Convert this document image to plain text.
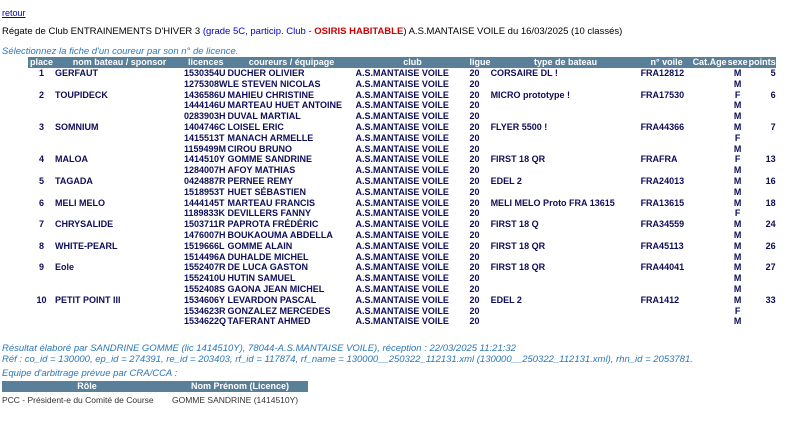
retour
Régate de Club ENTRAINEMENTS D'HIVER 3 (grade 5C, particip. Club - OSIRIS HABITABLE) A.S.MANTAISE VOILE du 16/03/2025 (10 classés)
Sélectionnez la fiche d'un coureur par son n° de licence.
place	nom bateau / sponsor	licences	coureurs / équipage	club	ligue	type de bateau	n° voile	Cat.Age	sexe	points
1	GERFAUT	1530354U	DUCHER OLIVIER	A.S.MANTAISE VOILE	20	CORSAIRE DL !	FRA12812		M	5
		1275308W	LE STEVEN NICOLAS	A.S.MANTAISE VOILE	20				M	
2	TOUPIDECK	1436586U	MAHIEU CHRISTINE	A.S.MANTAISE VOILE	20	MICRO prototype !	FRA17530		F	6
		1444146U	MARTEAU HUET ANTOINE	A.S.MANTAISE VOILE	20				M	
		0283903H	DUVAL MARTIAL	A.S.MANTAISE VOILE	20				M	
3	SOMNIUM	1404746C	LOISEL ERIC	A.S.MANTAISE VOILE	20	FLYER 5500 !	FRA44366		M	7
		1415513T	MANACH ARMELLE	A.S.MANTAISE VOILE	20				F	
		1159499M	CIROU BRUNO	A.S.MANTAISE VOILE	20				M	
4	MALOA	1414510Y	GOMME SANDRINE	A.S.MANTAISE VOILE	20	FIRST 18 QR	FRAFRA		F	13
		1284007H	AFOY MATHIAS	A.S.MANTAISE VOILE	20				M	
5	TAGADA	0424887R	PERNEE REMY	A.S.MANTAISE VOILE	20	EDEL 2	FRA24013		M	16
		1518953T	HUET SÉBASTIEN	A.S.MANTAISE VOILE	20				M	
6	MELI MELO	1444145T	MARTEAU FRANCIS	A.S.MANTAISE VOILE	20	MELI MELO Proto FRA 13615	FRA13615		M	18
		1189833K	DEVILLERS FANNY	A.S.MANTAISE VOILE	20				F	
7	CHRYSALIDE	1503711R	PAPROTA FRÉDÉRIC	A.S.MANTAISE VOILE	20	FIRST 18 Q	FRA34559		M	24
		1476007H	BOUKAOUMA ABDELLA	A.S.MANTAISE VOILE	20				M	
8	WHITE-PEARL	1519666L	GOMME ALAIN	A.S.MANTAISE VOILE	20	FIRST 18 QR	FRA45113		M	26
		1514496A	DUHALDE MICHEL	A.S.MANTAISE VOILE	20				M	
9	Eole	1552407R	DE LUCA GASTON	A.S.MANTAISE VOILE	20	FIRST 18 QR	FRA44041		M	27
		1552410U	HUTIN SAMUEL	A.S.MANTAISE VOILE	20				M	
		1552408S	GAONA JEAN MICHEL	A.S.MANTAISE VOILE	20				M	
10	PETIT POINT III	1534606Y	LEVARDON PASCAL	A.S.MANTAISE VOILE	20	EDEL 2	FRA1412		M	33
		1534623R	GONZALEZ MERCEDES	A.S.MANTAISE VOILE	20				F	
		1534622Q	TAFERANT AHMED	A.S.MANTAISE VOILE	20				M	
Résultat élaboré par SANDRINE GOMME (lic 1414510Y), 78044-A.S.MANTAISE VOILE), réception : 22/03/2025 11:21:32
Réf : co_id = 130000, ep_id = 274391, re_id = 203403, rf_id = 117874, rf_name = 130000__250322_112131.xml (130000__250322_112131.xml), rhn_id = 2053781.
Equipe d'arbitrage prévue par CRA/CCA :
Rôle	Nom Prénom (Licence)
PCC - Président-e du Comité de Course	GOMME SANDRINE (1414510Y)
